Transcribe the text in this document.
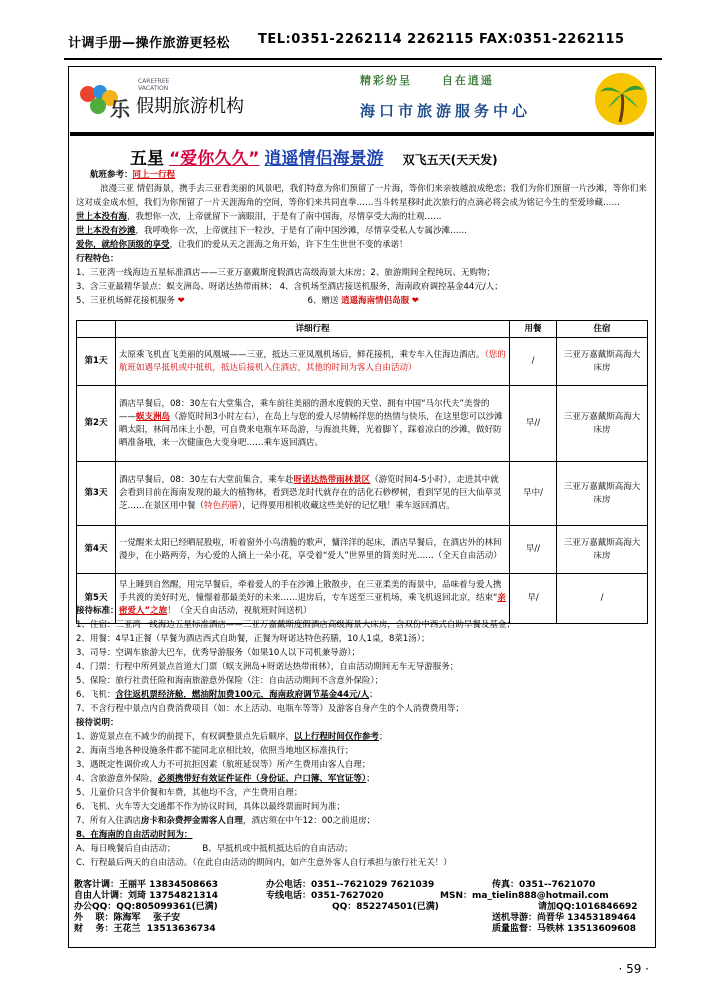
计调手册—操作旅游更轻松 TEL:0351-2262114 2262115 FAX:0351-2262115
乐
CAREFREE
VACATION
假期旅游机构
精彩纷呈	自在逍遥
海口市旅游服务中心
五星 “爱你久久” 逍遥情侣海景游 双飞五天(天天发)
航班参考：同上一行程
浪漫三亚 情侣海景，携手去三亚看美丽的风景吧，我们特意为你们预留了一片海，等你们来亲彼越浪成绝恋；我们为你们预留一片沙滩，等你们来这对成金成水恒，我们为你预留了一片天涯海角的空间，等你们来共同直拳……当斗转星移时此次旅行的点滴必将会成为铭记今生的至爱珍藏……
世上本没有海，我想你一次，上帝就留下一滴眼泪，于是有了南中国海，尽情享受大海的壮观……
世上本没有沙滩，我呼唤你一次，上帝就挂下一粒沙，于是有了南中国沙滩，尽情享受私人专属沙滩……
爱你，就给你顶级的享受，让我们的爱从天之涯海之角开始，许下生生世世不变的承诺！
行程特色：
1、三亚湾一线海边五星标准酒店——三亚万嘉戴斯度假酒店高级海景大床房；2、旅游期间全程纯玩、无购物；
3、含三亚最精华景点：蜈支洲岛、呀诺达热带雨林； 4、含机场至酒店接送机服务，海南政府调控基金44元/人；
5、三亚机场鲜花接机服务 ❤	6、赠送 逍遥海南情侣岛服 ❤
	详细行程	用餐	住宿
第1天	太原乘飞机直飞美丽的风凰城——三亚，抵达三亚凤凰机场后，鲜花接机，乘专车入住海边酒店。（您的航班如遇早抵机或中抵机，抵达后接机入住酒店，其他的时间为客人自由活动）	/	三亚万嘉戴斯高海大床房
第2天	酒店早餐后，08：30左右大堂集合，乘车前往美丽的潜水度假的天堂、拥有中国“马尔代夫”美誉的——蜈支洲岛（游览时间3小时左右），在岛上与您的爱人尽情畅徉您的热情与快乐，在这里您可以沙滩晒太阳，林间吊床上小憩，可自费来电瓶车环岛游，与海浪共舞，光着脚丫，踩着凉白的沙滩，做好防晒准备哦，来一次健康色大变身吧……乘车返回酒店。	早//	三亚万嘉戴斯高海大床房
第3天	酒店早餐后，08：30左右大堂前集合，乘车赴呀诺达热带雨林景区（游览时间4-5小时），走进其中就会看到目前在海南发现的最大的植物林，看到恐龙时代就存在的活化石桫椤树，看到罕见的巨大仙草灵芝……在景区用中餐（特色药膳），记得要用相机收藏这些美好的记忆哦！乘车返回酒店。	早中/	三亚万嘉戴斯高海大床房
第4天	一觉醒来太阳已经晒屁股啦，听着窗外小鸟清脆的歌声，慵洋洋的起床，酒店早餐后，在酒店外的林间漫步，在小路两旁，为心爱的人摘上一朵小花，享受着“爱人”世界里的简美时光……（全天自由活动）	早//	三亚万嘉戴斯高海大床房
第5天	早上睡到自然醒，用完早餐后，牵着爱人的手在沙滩上散散步，在三亚柔美的海景中，品味着与爱人携手共渡的美好时光，憧憬着那最美好的未来……退房后，专车送至三亚机场，乘飞机返回北京，结束“亲密爱人”之旅！（全天自由活动，视航班时间送机）	早/	/
接待标准：
1、住宿：三亚湾一线海边五星标准酒店——三亚万嘉戴斯度假酒店高级海景大床房，含双份中西式自助早餐及基金；
2、用餐：4早1正餐（早餐为酒店西式自助餐，正餐为呀诺达特色药膳，10人1桌，8菜1汤）；
3、司导：空调车旅游大巴车，优秀导游服务（如果10人以下司机兼导游）；
4、门票：行程中所列景点首道大门票（蜈支洲岛+呀诺达热带雨林），自由活动期间无车无导游服务；
5、保险：旅行社责任险和海南旅游意外保险（注：自由活动期间不含意外保险）；
6、飞机：含往返机票经济舱，燃油附加费100元，海南政府调节基金44元/人；
7、不含行程中景点内自费消费项目（如：水上活动、电瓶车等等）及游客自身产生的个人消费费用等；
接待说明：
1、游览景点在不减少的前提下，有权调整景点先后顺序，以上行程时间仅作参考；
2、海南当地各种设施条件都不能同北京相比较，依照当地地区标准执行；
3、遇既定性调价或人力不可抗拒因素（航班延误等）所产生费用由客人自理；
4、含旅游意外保险，必须携带好有效证件证件（身份证、户口簿、军官证等）；
5、儿童价只含半价餐和车费，其他均不含，产生费用自理；
6、飞机、火车等大交通都不作为协议时间，具体以最终票面时间为准；
7、所有入住酒店房卡和杂费押金需客人自理，酒店须在中午12：00之前退房；
8、在海南的自由活动时间为：
A、每日晚餐后自由活动；          B、早抵机或中抵机抵达后的自由活动；
C、行程最后两天的自由活动。（在此自由活动的期间内，如产生意外客人自行承担与旅行社无关！）
散客计调：王丽平 13834508663	办公电话：0351--7621029 7621039	传真：0351--7621070
自由人计调：刘琦 13754821314	专线电话：0351-7627020	MSN：ma_tielin888@hotmail.com
办公QQ：QQ:805099361(已满)	QQ：852274501(已满)	请加QQ:1016846692
外    联：陈海军    张子安	送机导游：尚晋华 13453189464
财    务：王花兰  13513636734	质量监督：马铁林 13513609608
· 59 ·
